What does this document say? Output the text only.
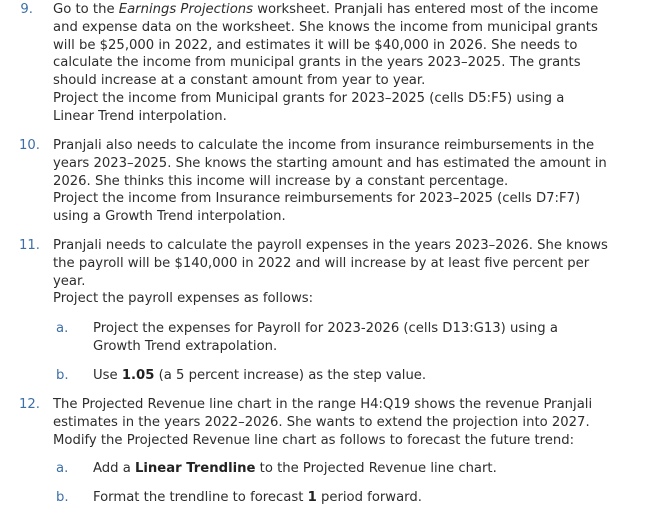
9. Go to the Earnings Projections worksheet. Pranjali has entered most of the income

and expense data on the worksheet. She knows the income from municipal grants

will be $25,000 in 2022, and estimates it will be $40,000 in 2026. She needs to

calculate the income from municipal grants in the years 2023–2025. The grants

should increase at a constant amount from year to year.

Project the income from Municipal grants for 2023–2025 (cells D5:F5) using a

Linear Trend interpolation.

10. Pranjali also needs to calculate the income from insurance reimbursements in the

years 2023–2025. She knows the starting amount and has estimated the amount in

2026. She thinks this income will increase by a constant percentage.

Project the income from Insurance reimbursements for 2023–2025 (cells D7:F7)

using a Growth Trend interpolation.

11. Pranjali needs to calculate the payroll expenses in the years 2023–2026. She knows

the payroll will be $140,000 in 2022 and will increase by at least five percent per

year.

Project the payroll expenses as follows:

a. Project the expenses for Payroll for 2023-2026 (cells D13:G13) using a

Growth Trend extrapolation.

b. Use 1.05 (a 5 percent increase) as the step value.

12. The Projected Revenue line chart in the range H4:Q19 shows the revenue Pranjali

estimates in the years 2022–2026. She wants to extend the projection into 2027.

Modify the Projected Revenue line chart as follows to forecast the future trend:

a. Add a Linear Trendline to the Projected Revenue line chart.

b. Format the trendline to forecast 1 period forward.
